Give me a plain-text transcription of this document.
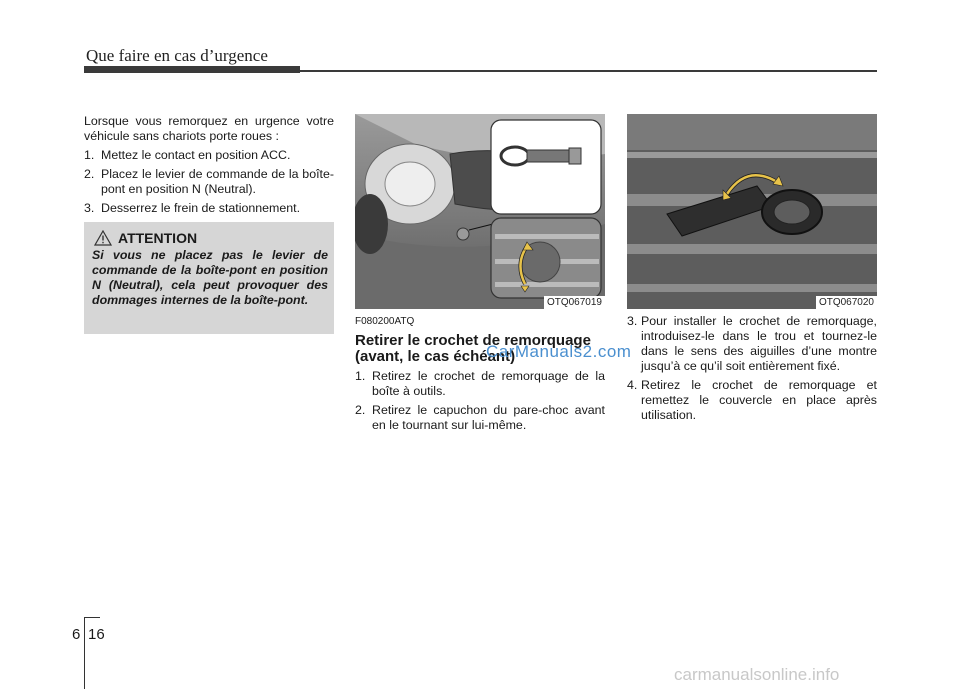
Que faire en cas d’urgence

Lorsque vous remorquez en urgence votre véhicule sans chariots porte roues :

1. Mettez le contact en position ACC.
2. Placez le levier de commande de la boîte-pont en position N (Neutral).
3. Desserrez le frein de stationnement.
ATTENTION
Si vous ne placez pas le levier de commande de la boîte-pont en position N (Neutral), cela peut provoquer des dommages internes de la boîte-pont.	OTQ067019	OTQ067020
F080200ATQ
Retirer le crochet de remorquage (avant, le cas échéant)
1. Retirez le crochet de remorquage de la boîte à outils.
2. Retirez le capuchon du pare-choc avant en le tournant sur lui-même.
3. Pour installer le crochet de remorquage, introduisez-le dans le trou et tournez-le dans le sens des aiguilles d’une montre jusqu’à ce qu’il soit entièrement fixé.
4. Retirez le crochet de remorquage et remettez le couvercle en place après utilisation.
CarManuals2.com
6 16
carmanualsonline.info
